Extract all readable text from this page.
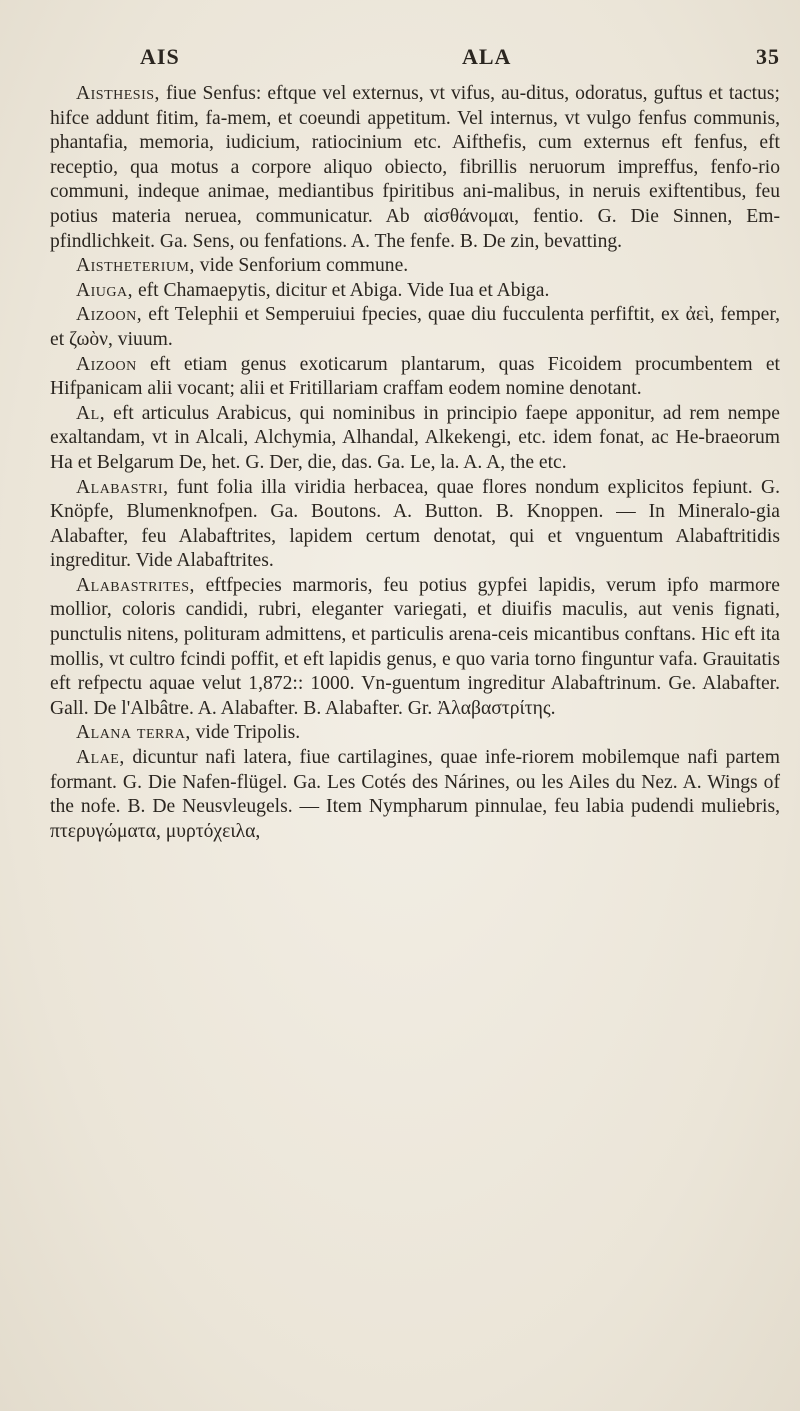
AIS	ALA	35

Aisthesis, fiue Senfus: eftque vel externus, vt vifus, au-ditus, odoratus, guftus et tactus; hifce addunt fitim, fa-mem, et coeundi appetitum. Vel internus, vt vulgo fenfus communis, phantafia, memoria, iudicium, ratiocinium etc. Aifthefis, cum externus eft fenfus, eft receptio, qua motus a corpore aliquo obiecto, fibrillis neruorum impreffus, fenfo-rio communi, indeque animae, mediantibus fpiritibus ani-malibus, in neruis exiftentibus, feu potius materia neruea, communicatur. Ab αἰσθάνομαι, fentio. G. Die Sinnen, Em-pfindlichkeit. Ga. Sens, ou fenfations. A. The fenfe. B. De zin, bevatting.

Aistheterium, vide Senforium commune.

Aiuga, eft Chamaepytis, dicitur et Abiga. Vide Iua et Abiga.

Aizoon, eft Telephii et Semperuiui fpecies, quae diu fucculenta perfiftit, ex ἀεὶ, femper, et ζωὸν, viuum.

Aizoon eft etiam genus exoticarum plantarum, quas Ficoidem procumbentem et Hifpanicam alii vocant; alii et Fritillariam craffam eodem nomine denotant.

Al, eft articulus Arabicus, qui nominibus in principio faepe apponitur, ad rem nempe exaltandam, vt in Alcali, Alchymia, Alhandal, Alkekengi, etc. idem fonat, ac He-braeorum Ha et Belgarum De, het. G. Der, die, das. Ga. Le, la. A. A, the etc.

Alabastri, funt folia illa viridia herbacea, quae flores nondum explicitos fepiunt. G. Knöpfe, Blumenknofpen. Ga. Boutons. A. Button. B. Knoppen. — In Mineralo-gia Alabafter, feu Alabaftrites, lapidem certum denotat, qui et vnguentum Alabaftritidis ingreditur. Vide Alabaftrites.

Alabastrites, eftfpecies marmoris, feu potius gypfei lapidis, verum ipfo marmore mollior, coloris candidi, rubri, eleganter variegati, et diuifis maculis, aut venis fignati, punctulis nitens, polituram admittens, et particulis arena-ceis micantibus conftans. Hic eft ita mollis, vt cultro fcindi poffit, et eft lapidis genus, e quo varia torno finguntur vafa. Grauitatis eft refpectu aquae velut 1,872:: 1000. Vn-guentum ingreditur Alabaftrinum. Ge. Alabafter. Gall. De l'Albâtre. A. Alabafter. B. Alabafter. Gr. Ἀλαβαστρίτης.

Alana terra, vide Tripolis.

Alae, dicuntur nafi latera, fiue cartilagines, quae infe-riorem mobilemque nafi partem formant. G. Die Nafen-flügel. Ga. Les Cotés des Nárines, ou les Ailes du Nez. A. Wings of the nofe. B. De Neusvleugels. — Item Nympharum pinnulae, feu labia pudendi muliebris, πτερυγώματα, μυρτόχειλα,
